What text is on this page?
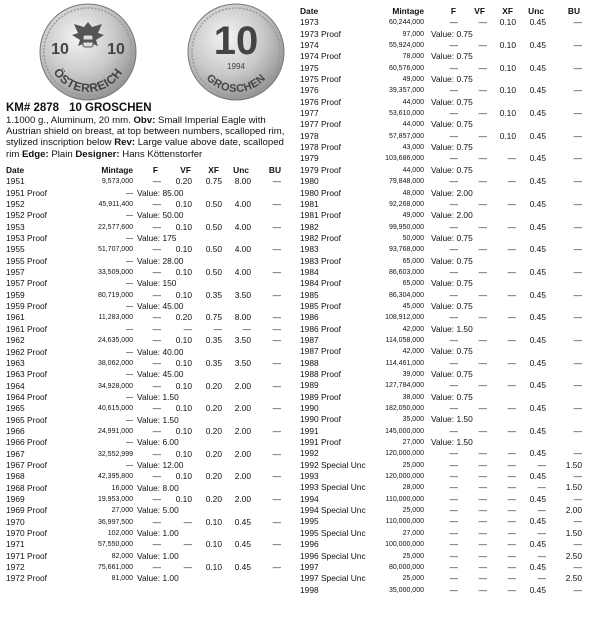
10 10
ÖSTERREICH
10
1994
GROSCHEN
KM# 2878 10 GROSCHEN
1.1000 g., Aluminum, 20 mm. Obv: Small Imperial Eagle with Austrian shield on breast, at top between numbers, scalloped rim, stylized inscription below Rev: Large value above date, scalloped rim Edge: Plain Designer: Hans Köttenstorfer
Date	Mintage F	VF XF Unc BU
1951	9,573,000 — 0.20 0.75 8.00	—
1951 Proof	— Value: 85.00
1952	45,911,400 — 0.10 0.50 4.00	—
1952 Proof	— Value: 50.00
1953	22,577,600 — 0.10 0.50 4.00	—
1953 Proof	— Value: 175
1955	51,707,000 — 0.10 0.50 4.00	—
1955 Proof	— Value: 28.00
1957	33,509,000 — 0.10 0.50 4.00	—
1957 Proof	— Value: 150
1959	80,719,000 — 0.10 0.35 3.50	—
1959 Proof	— Value: 45.00
1961	11,283,000 — 0.20 0.75 8.00	—
1961 Proof	— —	—	— —	—
1962	24,635,000 — 0.10 0.35 3.50	—
1962 Proof	— Value: 40.00
1963	38,062,000 — 0.10 0.35 3.50	—
1963 Proof	— Value: 45.00
1964	34,928,000 — 0.10 0.20 2.00	—
1964 Proof	— Value: 1.50
1965	40,615,000 — 0.10 0.20 2.00	—
1965 Proof	— Value: 1.50
1966	24,991,000 — 0.10 0.20 2.00	—
1966 Proof	— Value: 6.00
1967	32,552,999 — 0.10 0.20 2.00	—
1967 Proof	— Value: 12.00
1968	42,395,800 — 0.10 0.20 2.00	—
1968 Proof	16,000 Value: 8.00
1969	19,953,000 — 0.10 0.20 2.00	—
1969 Proof	27,000 Value: 5.00
1970	36,997,500 —	— 0.10 0.45	—
1970 Proof	102,000 Value: 1.00
1971	57,550,000 —	— 0.10 0.45	—
1971 Proof	82,000 Value: 1.00
1972	75,661,000 —	— 0.10 0.45	—
1972 Proof	81,000 Value: 1.00
Date	Mintage	F VF XF Unc	BU
1973	60,244,000	— — 0.10 0.45	—
1973 Proof	97,000 Value: 0.75
1974	55,924,000	— — 0.10 0.45	—
1974 Proof	78,000 Value: 0.75
1975	60,576,000	— — 0.10 0.45	—
1975 Proof	49,000 Value: 0.75
1976	39,357,000	— — 0.10 0.45	—
1976 Proof	44,000 Value: 0.75
1977	53,610,000	— — 0.10 0.45	—
1977 Proof	44,000 Value: 0.75
1978	57,857,000	— — 0.10 0.45	—
1978 Proof	43,000 Value: 0.75
1979	103,686,000	— — — 0.45	—
1979 Proof	44,000 Value: 0.75
1980	79,848,000	— — — 0.45	—
1980 Proof	48,000 Value: 2.00
1981	92,268,000	— — — 0.45	—
1981 Proof	49,000 Value: 2.00
1982	99,950,000	— — — 0.45	—
1982 Proof	50,000 Value: 0.75
1983	93,768,000	— — — 0.45	—
1983 Proof	65,000 Value: 0.75
1984	86,603,000	— — — 0.45	—
1984 Proof	65,000 Value: 0.75
1985	86,304,000	— — — 0.45	—
1985 Proof	45,000 Value: 0.75
1986	108,912,000	— — — 0.45	—
1986 Proof	42,000 Value: 1.50
1987	114,058,000	— — — 0.45	—
1987 Proof	42,000 Value: 0.75
1988	114,461,000	— — — 0.45	—
1988 Proof	39,000 Value: 0.75
1989	127,784,000	— — — 0.45	—
1989 Proof	38,000 Value: 0.75
1990	182,050,000	— — — 0.45	—
1990 Proof	35,000 Value: 1.50
1991	145,000,000	— — — 0.45	—
1991 Proof	27,000 Value: 1.50
1992	120,000,000	— — — 0.45	—
1992 Special Unc	25,000	— — —	— 1.50
1993	120,000,000	— — — 0.45	—
1993 Special Unc	28,000	— — —	— 1.50
1994	110,000,000	— — — 0.45	—
1994 Special Unc	25,000	— — —	— 2.00
1995	110,000,000	— — — 0.45	—
1995 Special Unc	27,000	— — —	— 1.50
1996	100,000,000	— — — 0.45	—
1996 Special Unc	25,000	— — —	— 2.50
1997	80,000,000	— — — 0.45	—
1997 Special Unc	25,000	— — —	— 2.50
1998	35,000,000	— — — 0.45	—
